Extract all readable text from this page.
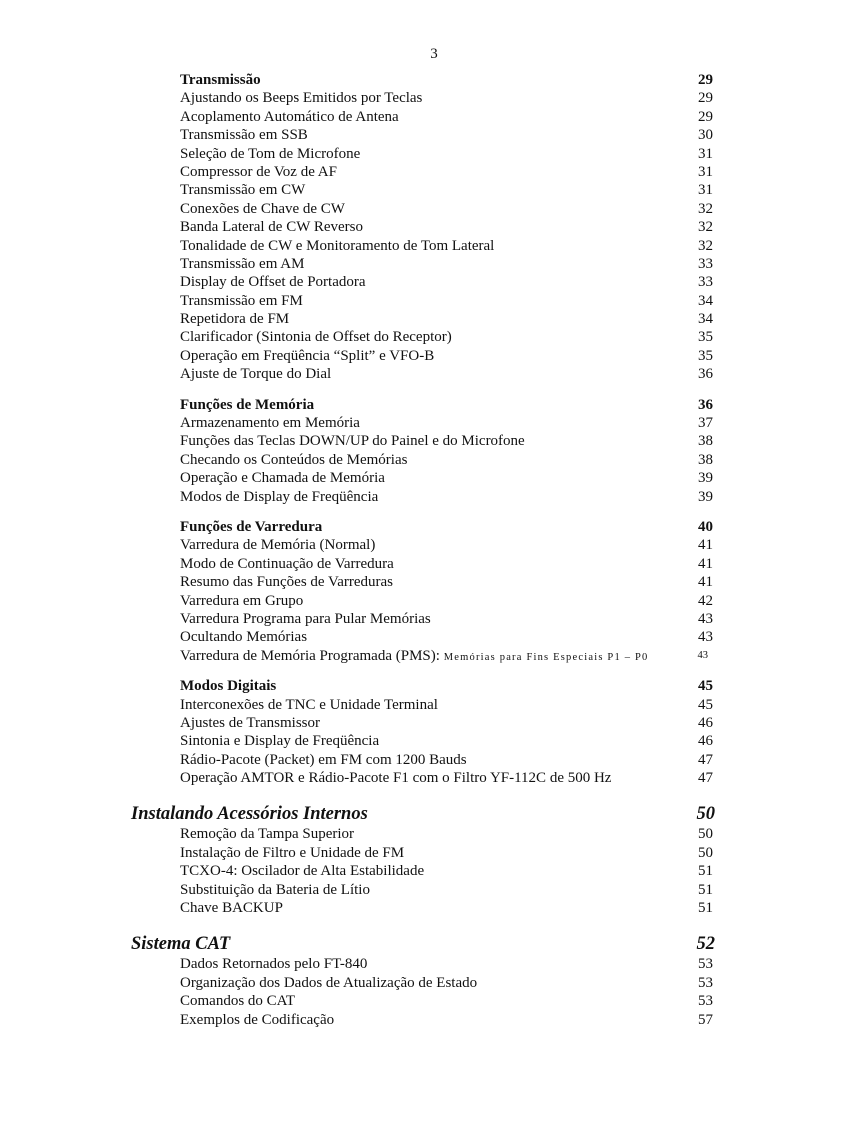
3
Transmissão	29
Ajustando os Beeps Emitidos por Teclas	29
Acoplamento Automático de Antena	29
Transmissão em SSB	30
Seleção de Tom de Microfone	31
Compressor de Voz de AF	31
Transmissão em CW	31
Conexões de Chave de CW	32
Banda Lateral de CW Reverso	32
Tonalidade de CW e Monitoramento de Tom Lateral	32
Transmissão em AM	33
Display de Offset de Portadora	33
Transmissão em FM	34
Repetidora de FM	34
Clarificador (Sintonia de Offset do Receptor)	35
Operação em Freqüência “Split” e VFO-B	35
Ajuste de Torque do Dial	36
Funções de Memória	36
Armazenamento em Memória	37
Funções das Teclas DOWN/UP do Painel e do Microfone	38
Checando os Conteúdos de Memórias	38
Operação e Chamada de Memória	39
Modos de Display de Freqüência	39
Funções de Varredura	40
Varredura de Memória (Normal)	41
Modo de Continuação de Varredura	41
Resumo das Funções de Varreduras	41
Varredura em Grupo	42
Varredura Programa para Pular Memórias	43
Ocultando Memórias	43
Varredura de Memória Programada (PMS): Memórias para Fins Especiais P1 – P0	43
Modos Digitais	45
Interconexões de TNC e Unidade Terminal	45
Ajustes de Transmissor	46
Sintonia e Display de Freqüência	46
Rádio-Pacote (Packet) em FM com 1200 Bauds	47
Operação AMTOR e Rádio-Pacote F1 com o Filtro YF-112C de 500 Hz	47
Instalando Acessórios Internos	50
Remoção da Tampa Superior	50
Instalação de Filtro e Unidade de FM	50
TCXO-4: Oscilador de Alta Estabilidade	51
Substituição da Bateria de Lítio	51
Chave BACKUP	51
Sistema CAT	52
Dados Retornados pelo FT-840	53
Organização dos Dados de Atualização de Estado	53
Comandos do CAT	53
Exemplos de Codificação	57
